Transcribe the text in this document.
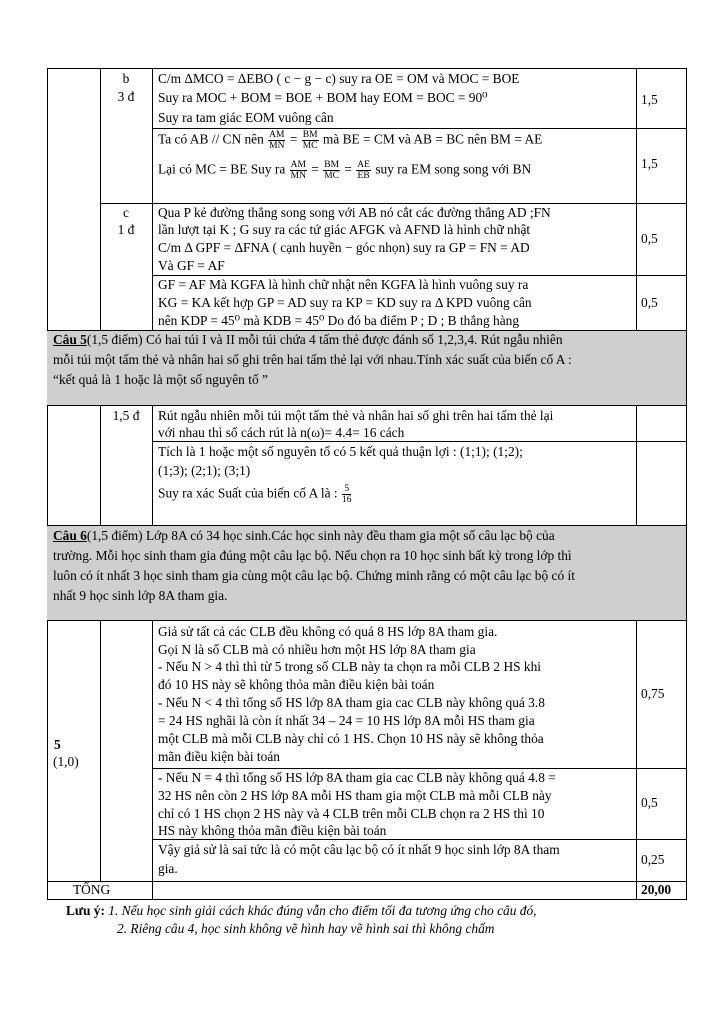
b
3 đ
C/m ΔMCO = ΔEBO ( c − g − c) suy ra OE = OM và MOC = BOE
Suy ra MOC + BOM = BOE + BOM hay EOM = BOC = 90⁰
Suy ra tam giác EOM vuông cân
Ta có AB // CN nên $\frac{AM}{MN} = \frac{BM}{MC}$ mà BE = CM và AB = BC nên BM = AE
Lại có MC = BE Suy ra $\frac{AM}{MN} = \frac{BM}{MC} = \frac{AE}{EB}$ suy ra EM song song với BN
1,5
1,5
c
1 đ
Qua P kẻ đường thẳng song song với AB nó cắt các đường thẳng AD ;FN
lần lượt tại K ; G suy ra các tứ giác AFGK và AFND là hình chữ nhật
C/m Δ GPF = ΔFNA ( cạnh huyền − góc nhọn) suy ra GP = FN = AD
Và GF = AF
GF = AF Mà KGFA là hình chữ nhật nên KGFA là hình vuông suy ra
KG = KA kết hợp GP = AD suy ra KP = KD suy ra Δ KPD vuông cân
nên KDP = 45⁰ mà KDB = 45⁰ Do đó ba điểm P ; D ; B thẳng hàng
0,5
0,5
Câu 5(1,5 điểm) Có hai túi I và II mỗi túi chứa 4 tấm thẻ được đánh số 1,2,3,4. Rút ngẫu nhiên
mỗi túi một tấm thẻ và nhân hai số ghi trên hai tấm thẻ lại với nhau.Tính xác suất của biến cố A :
“kết quả là 1 hoặc là một số nguyên tố ”
1,5 đ	Rút ngẫu nhiên mỗi túi một tấm thẻ và nhân hai số ghi trên hai tấm thẻ lại
với nhau thì số cách rút là n(ω)= 4.4= 16 cách
Tích là 1 hoặc một số nguyên tố có 5 kết quả thuận lợi : (1;1); (1;2);
(1;3); (2;1); (3;1)
Suy ra xác Suất của biến cố A là : $\frac{5}{16}$
Câu 6(1,5 điểm) Lớp 8A có 34 học sinh.Các học sinh này đều tham gia một số câu lạc bộ của
trường. Mỗi học sinh tham gia đúng một câu lạc bộ. Nếu chọn ra 10 học sinh bất kỳ trong lớp thì
luôn có ít nhất 3 học sinh tham gia cùng một câu lạc bộ. Chứng minh rằng có một câu lạc bộ có ít
nhất 9 học sinh lớp 8A tham gia.
5
(1,0)
Giả sử tất cả các CLB đều không có quá 8 HS lớp 8A tham gia.
Gọi N là số CLB mà có nhiều hơn một HS lớp 8A tham gia
- Nếu N > 4 thì thì từ 5 trong số CLB này ta chọn ra mỗi CLB 2 HS khi
đó 10 HS này sẽ không thỏa mãn điều kiện bài toán
- Nếu N < 4 thì tổng số HS lớp 8A tham gia cac CLB này không quá 3.8
= 24 HS nghãi là còn ít nhất 34 – 24 = 10 HS lớp 8A mỗi HS tham gia
một CLB mà mỗi CLB này chỉ có 1 HS. Chọn 10 HS này sẽ không thỏa
mãn điều kiện bài toán
- Nếu N = 4 thì tổng số HS lớp 8A tham gia cac CLB này không quá 4.8 =
32 HS nên còn 2 HS lớp 8A mỗi HS tham gia một CLB mà mỗi CLB này
chỉ có 1 HS chọn 2 HS này và 4 CLB trên mỗi CLB chọn ra 2 HS thì 10
HS này không thỏa mãn điều kiện bài toán
Vậy giả sử là sai tức là có một câu lạc bộ có ít nhất 9 học sinh lớp 8A tham
gia.
0,75
0,5
0,25
TỔNG	20,00
Lưu ý: 1. Nếu học sinh giải cách khác đúng vẫn cho điểm tối đa tương ứng cho câu đó,
2. Riêng câu 4, học sinh không vẽ hình hay vẽ hình sai thì không chấm
